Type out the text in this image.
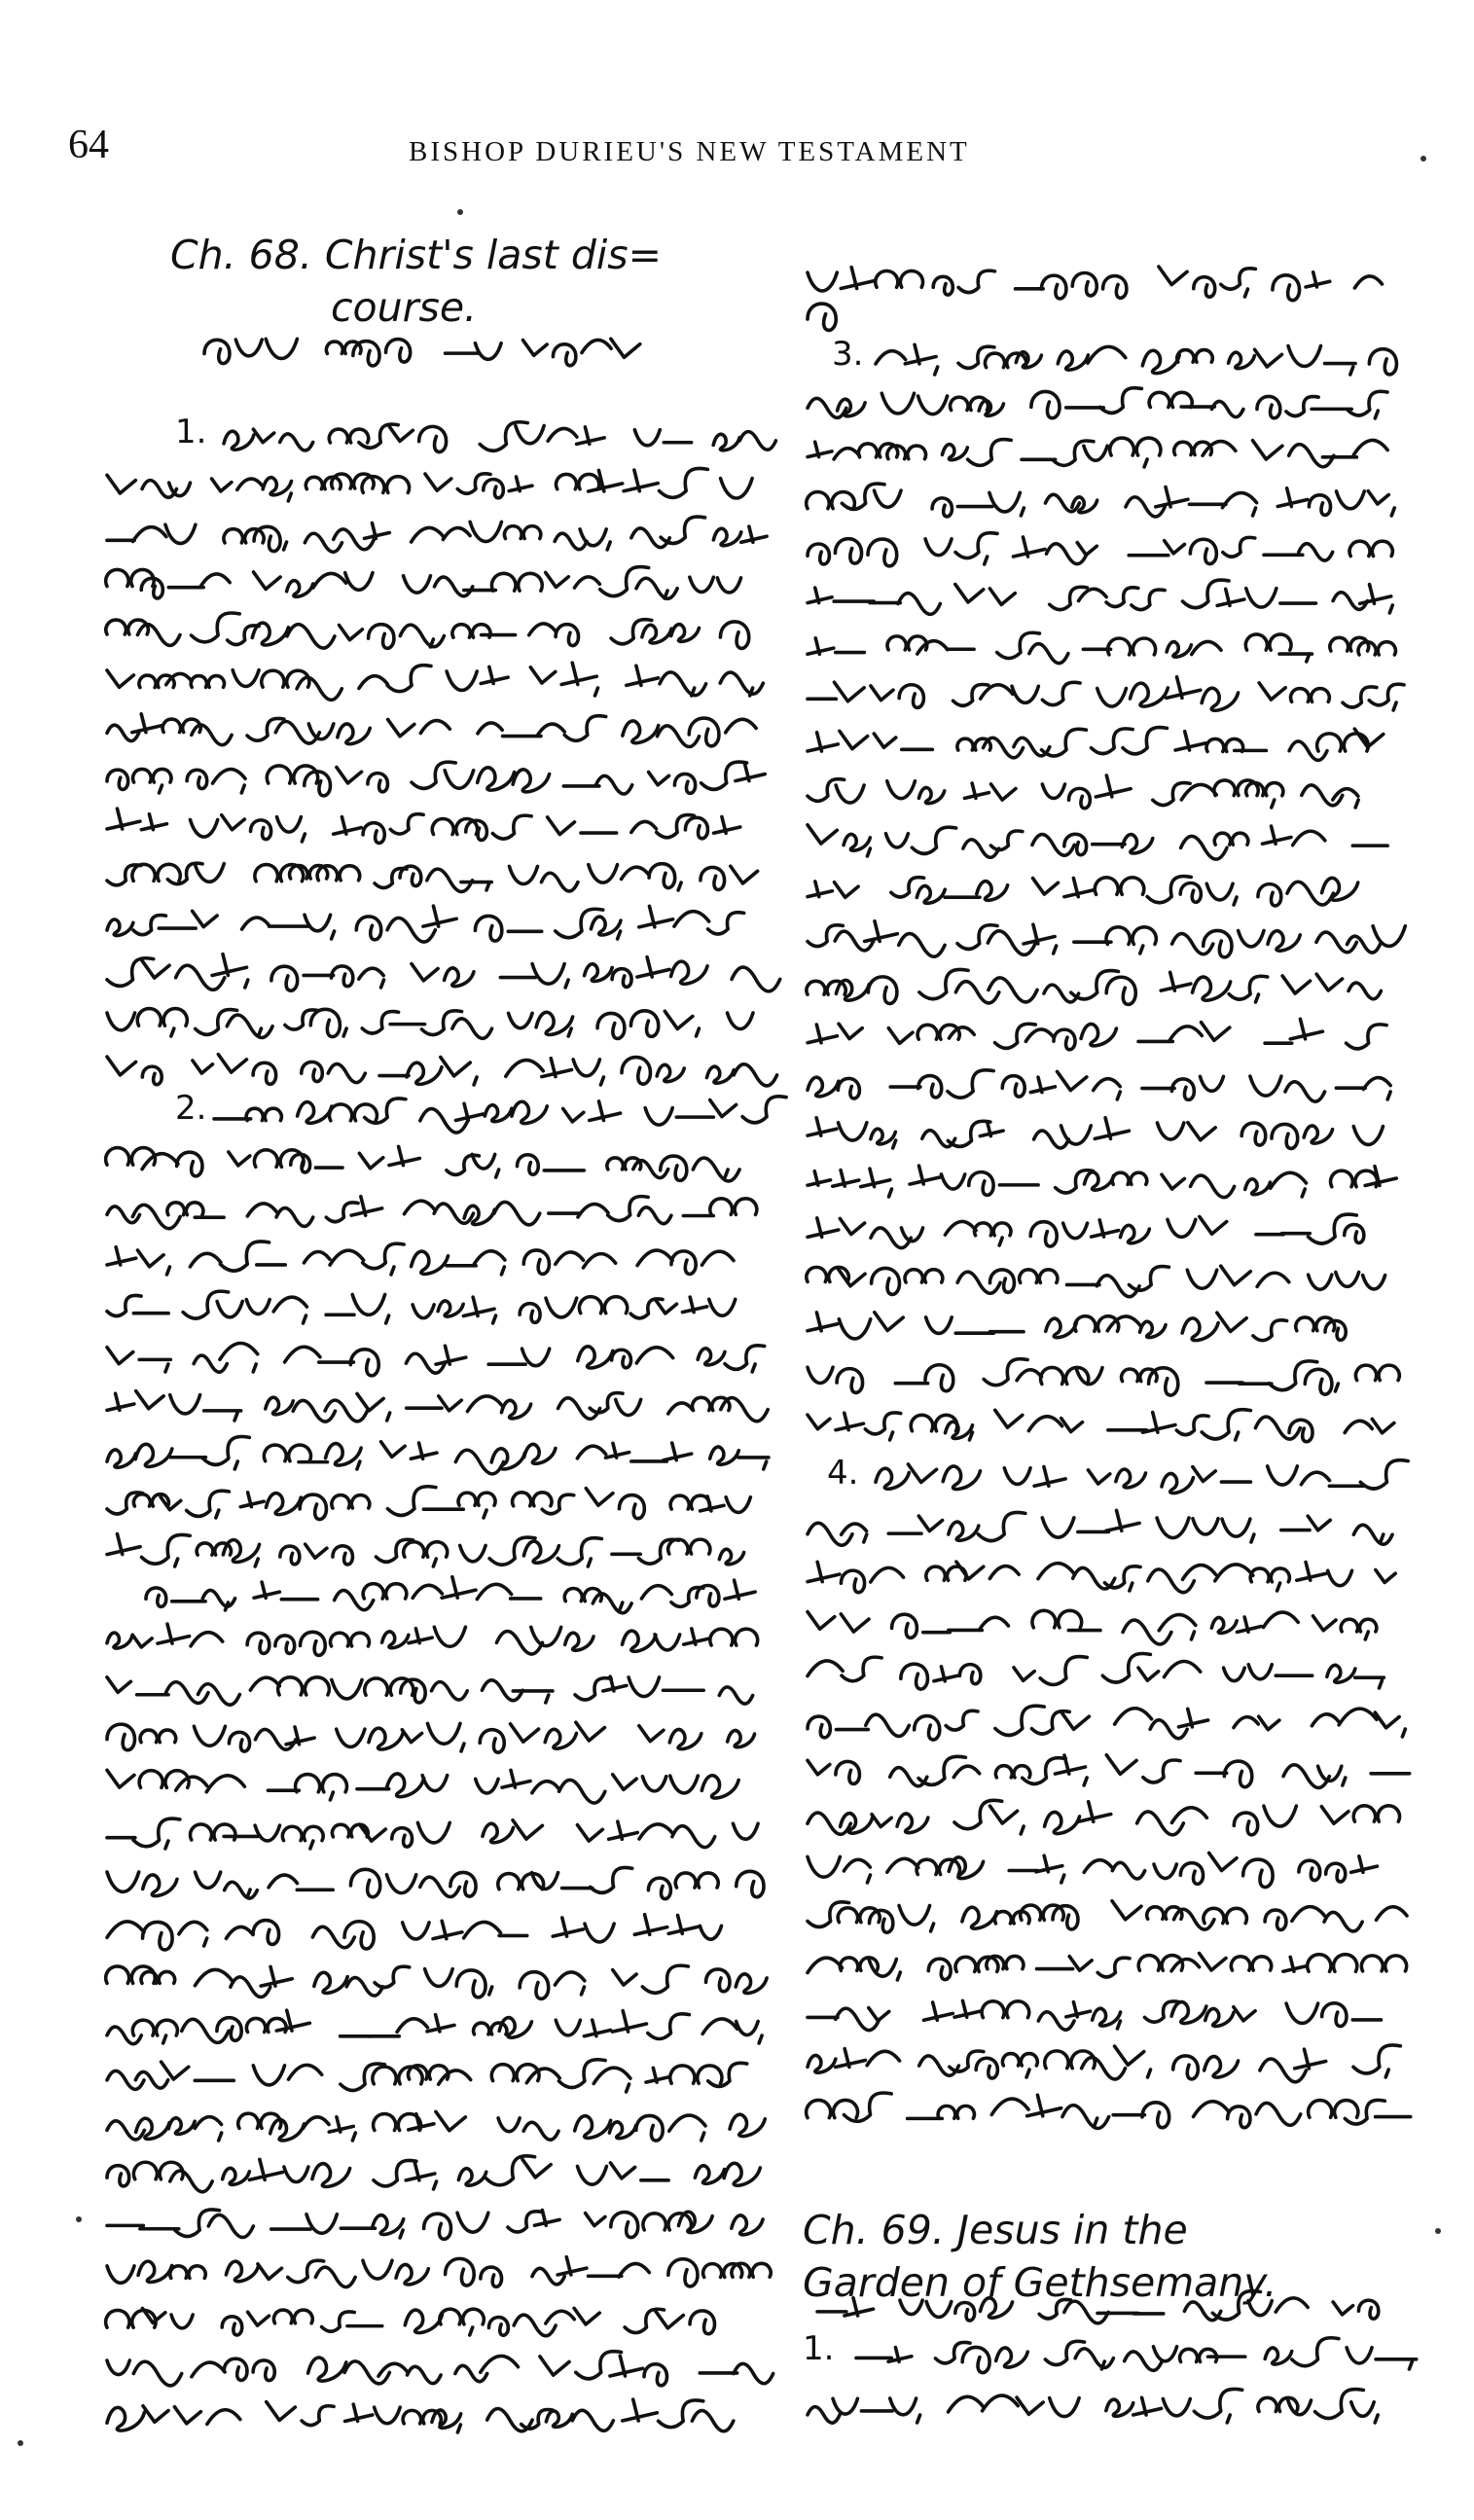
64	BISHOP DURIEU'S NEW TESTAMENT
Ch. 68. Christ's last dis=
course.
Ch. 69. Jesus in the
Garden of Gethsemany.
1.
2.
3.
4.
1.
